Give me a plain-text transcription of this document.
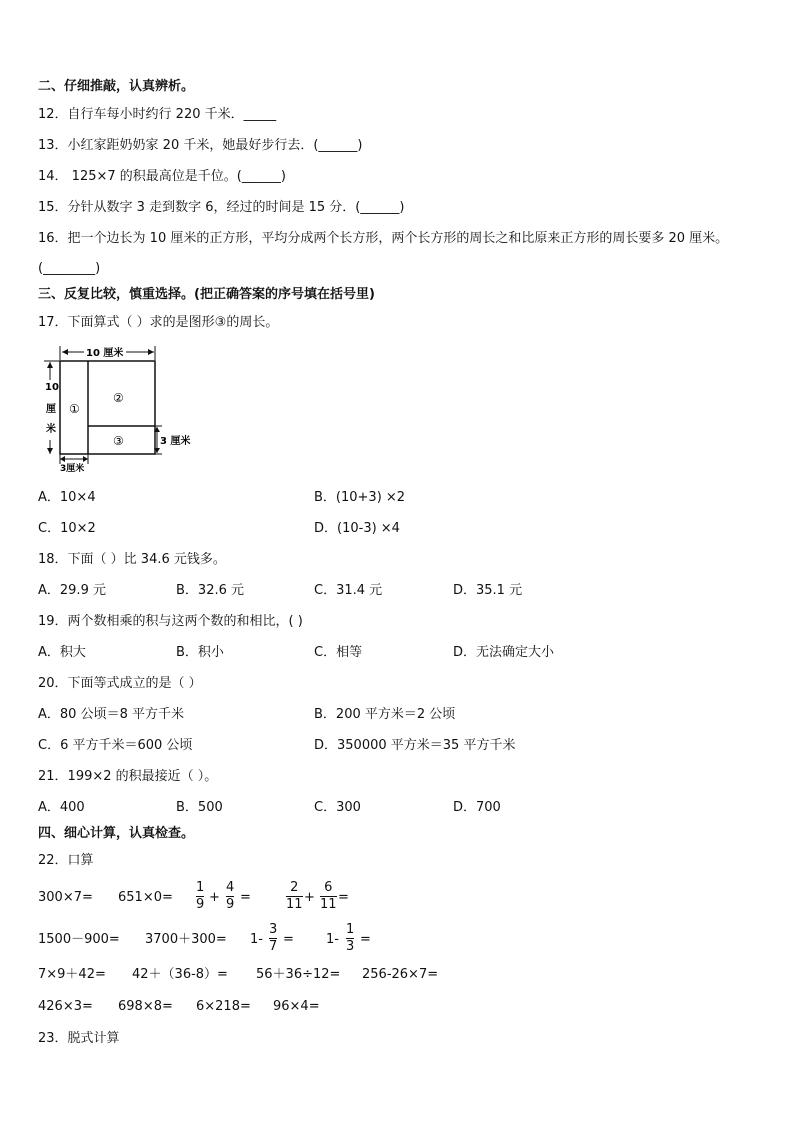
二、仔细推敲，认真辨析。
12．自行车每小时约行 220 千米．_____
13．小红家距奶奶家 20 千米，她最好步行去．(______)
14． 125×7 的积最高位是千位。(______)
15．分针从数字 3 走到数字 6，经过的时间是 15 分．(______)
16．把一个边长为 10 厘米的正方形，平均分成两个长方形，两个长方形的周长之和比原来正方形的周长要多 20 厘米。
(________)
三、反复比较，慎重选择。(把正确答案的序号填在括号里)
17．下面算式（ ）求的是图形③的周长。
10 厘米
10
厘
米
①
②
③	3 厘米
3厘米
A．10×4	B．(10+3) ×2
C．10×2	D．(10-3) ×4
18．下面（ ）比 34.6 元钱多。
A．29.9 元	B．32.6 元	C．31.4 元	D．35.1 元
19．两个数相乘的积与这两个数的和相比，( )
A．积大	B．积小	C．相等	D．无法确定大小
20．下面等式成立的是（ ）
A．80 公顷＝8 平方千米	B．200 平方米＝2 公顷
C．6 平方千米＝600 公顷	D．350000 平方米＝35 平方千米
21．199×2 的积最接近（ ）。
A．400	B．500	C．300	D．700
四、细心计算，认真检查。
22．口算
300×7= 651×0=
1
9 +
4
9 =
2
11 +
6
11 =
1500－900= 3700＋300= 1-
3
7 = 1-
1
3 =
7×9＋42= 42＋（36-8）= 56＋36÷12= 256-26×7=
426×3= 698×8= 6×218= 96×4=
23．脱式计算
